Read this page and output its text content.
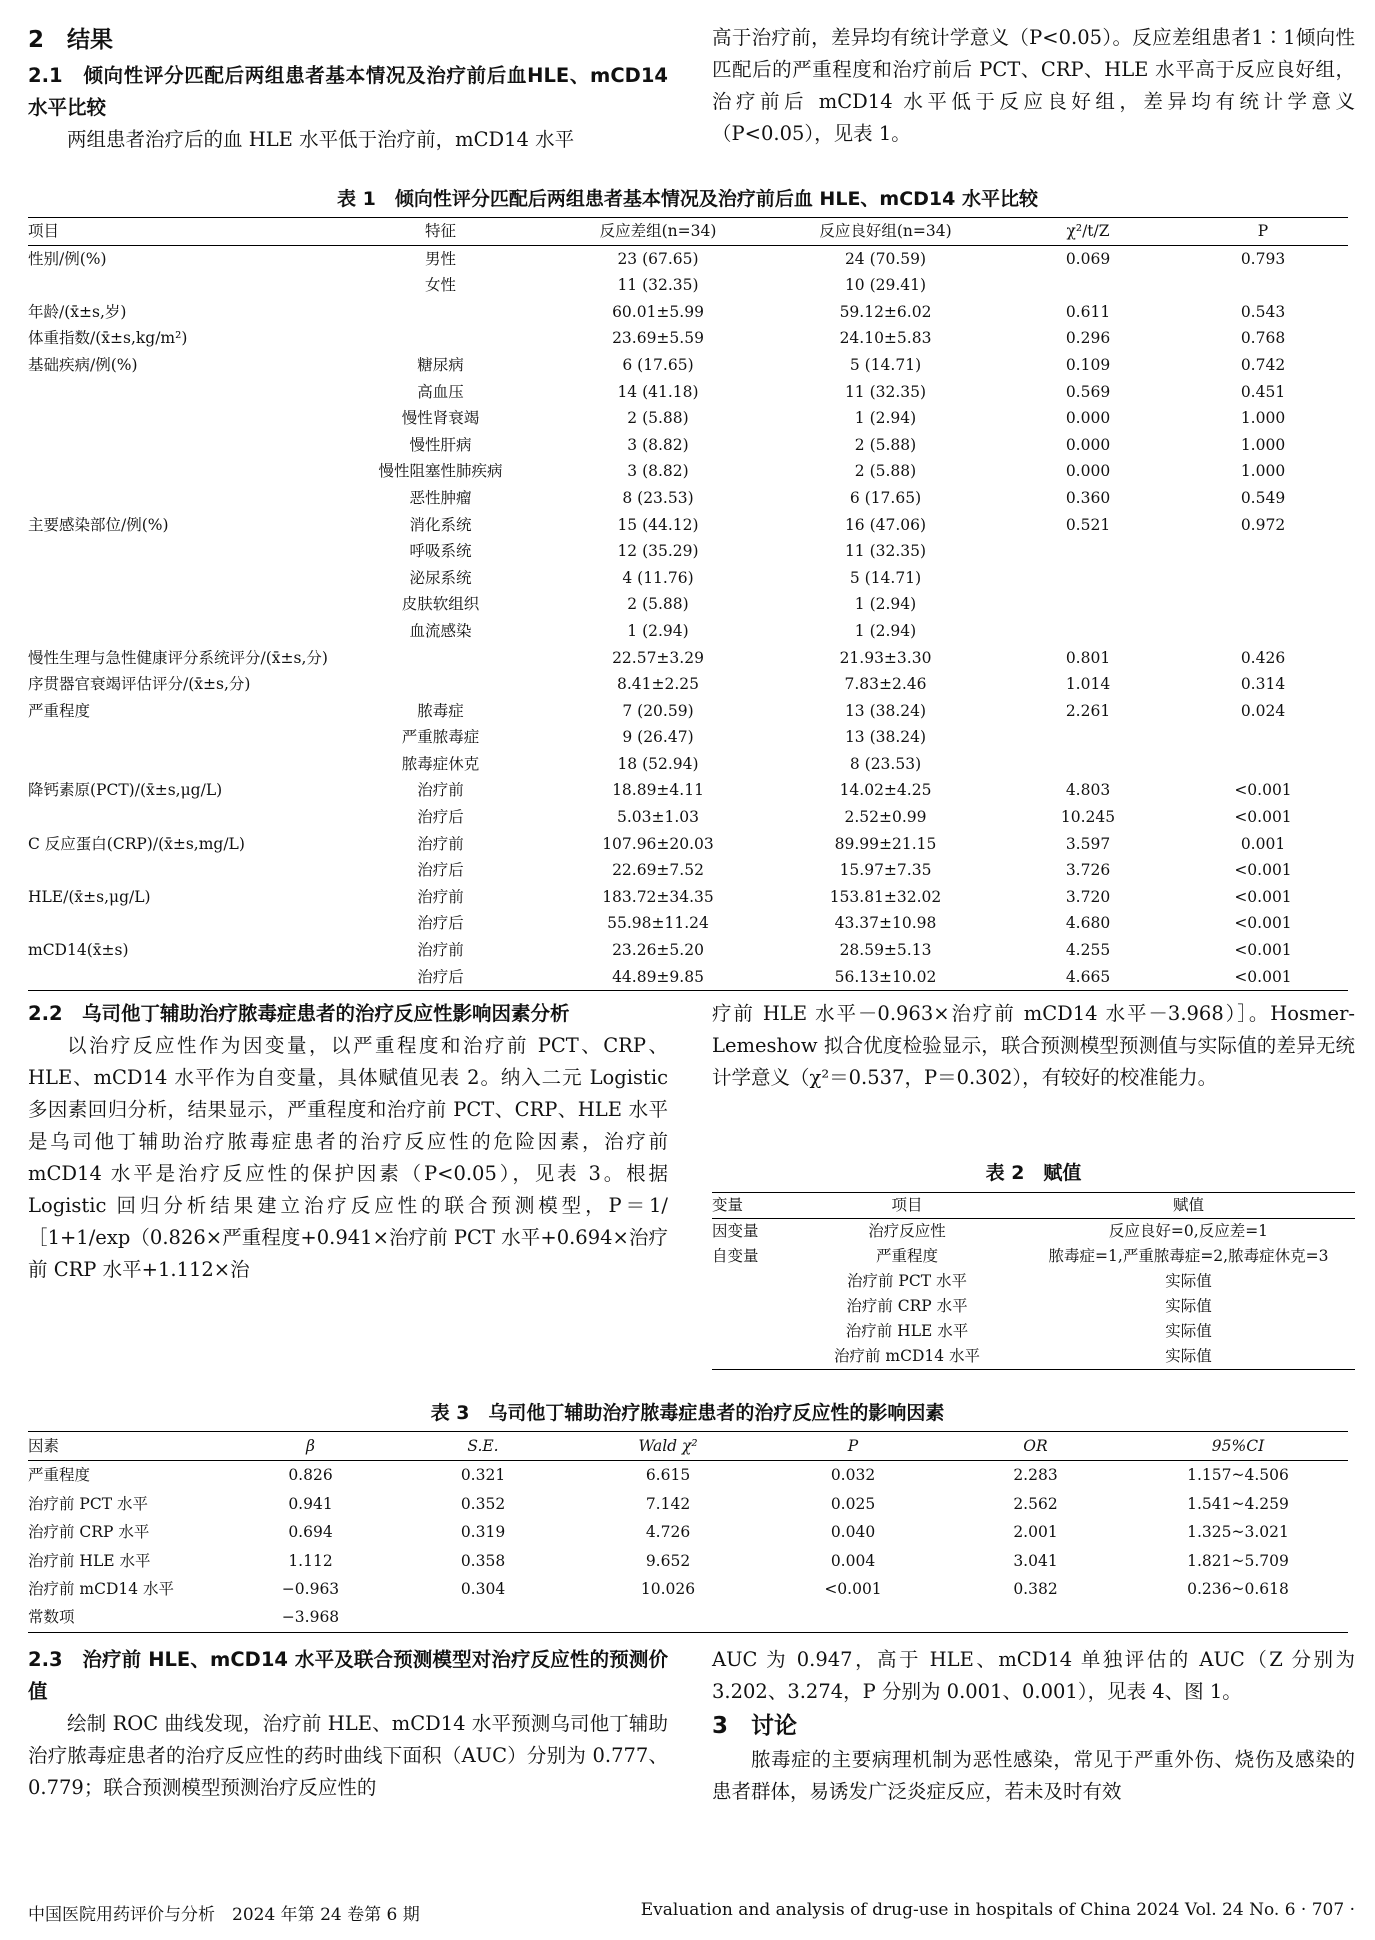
2　结果
2.1　倾向性评分匹配后两组患者基本情况及治疗前后血HLE、mCD14水平比较

两组患者治疗后的血 HLE 水平低于治疗前，mCD14 水平

高于治疗前，差异均有统计学意义（P<0.05）。反应差组患者1∶1倾向性匹配后的严重程度和治疗前后 PCT、CRP、HLE 水平高于反应良好组，治疗前后 mCD14 水平低于反应良好组，差异均有统计学意义（P<0.05），见表 1。

表 1　倾向性评分匹配后两组患者基本情况及治疗前后血 HLE、mCD14 水平比较
项目	特征	反应差组(n=34)	反应良好组(n=34)	χ²/t/Z	P
性别/例(%)	男性	23 (67.65)	24 (70.59)	0.069	0.793
	女性	11 (32.35)	10 (29.41)		
年龄/(x̄±s,岁)		60.01±5.99	59.12±6.02	0.611	0.543
体重指数/(x̄±s,kg/m²)		23.69±5.59	24.10±5.83	0.296	0.768
基础疾病/例(%)	糖尿病	6 (17.65)	5 (14.71)	0.109	0.742
	高血压	14 (41.18)	11 (32.35)	0.569	0.451
	慢性肾衰竭	2 (5.88)	1 (2.94)	0.000	1.000
	慢性肝病	3 (8.82)	2 (5.88)	0.000	1.000
	慢性阻塞性肺疾病	3 (8.82)	2 (5.88)	0.000	1.000
	恶性肿瘤	8 (23.53)	6 (17.65)	0.360	0.549
主要感染部位/例(%)	消化系统	15 (44.12)	16 (47.06)	0.521	0.972
	呼吸系统	12 (35.29)	11 (32.35)		
	泌尿系统	4 (11.76)	5 (14.71)		
	皮肤软组织	2 (5.88)	1 (2.94)		
	血流感染	1 (2.94)	1 (2.94)		
慢性生理与急性健康评分系统评分/(x̄±s,分)		22.57±3.29	21.93±3.30	0.801	0.426
序贯器官衰竭评估评分/(x̄±s,分)		8.41±2.25	7.83±2.46	1.014	0.314
严重程度	脓毒症	7 (20.59)	13 (38.24)	2.261	0.024
	严重脓毒症	9 (26.47)	13 (38.24)		
	脓毒症休克	18 (52.94)	8 (23.53)		
降钙素原(PCT)/(x̄±s,μg/L)	治疗前	18.89±4.11	14.02±4.25	4.803	<0.001
	治疗后	5.03±1.03	2.52±0.99	10.245	<0.001
C 反应蛋白(CRP)/(x̄±s,mg/L)	治疗前	107.96±20.03	89.99±21.15	3.597	0.001
	治疗后	22.69±7.52	15.97±7.35	3.726	<0.001
HLE/(x̄±s,μg/L)	治疗前	183.72±34.35	153.81±32.02	3.720	<0.001
	治疗后	55.98±11.24	43.37±10.98	4.680	<0.001
mCD14(x̄±s)	治疗前	23.26±5.20	28.59±5.13	4.255	<0.001
	治疗后	44.89±9.85	56.13±10.02	4.665	<0.001
2.2　乌司他丁辅助治疗脓毒症患者的治疗反应性影响因素分析

以治疗反应性作为因变量，以严重程度和治疗前 PCT、CRP、HLE、mCD14 水平作为自变量，具体赋值见表 2。纳入二元 Logistic 多因素回归分析，结果显示，严重程度和治疗前 PCT、CRP、HLE 水平是乌司他丁辅助治疗脓毒症患者的治疗反应性的危险因素，治疗前 mCD14 水平是治疗反应性的保护因素（P<0.05），见表 3。根据 Logistic 回归分析结果建立治疗反应性的联合预测模型，P＝1/［1+1/exp（0.826×严重程度+0.941×治疗前 PCT 水平+0.694×治疗前 CRP 水平+1.112×治

疗前 HLE 水平－0.963×治疗前 mCD14 水平－3.968）］。Hosmer-Lemeshow 拟合优度检验显示，联合预测模型预测值与实际值的差异无统计学意义（χ²＝0.537，P＝0.302），有较好的校准能力。

表 2　赋值
变量	项目	赋值
因变量	治疗反应性	反应良好=0,反应差=1
自变量	严重程度	脓毒症=1,严重脓毒症=2,脓毒症休克=3
	治疗前 PCT 水平	实际值
	治疗前 CRP 水平	实际值
	治疗前 HLE 水平	实际值
	治疗前 mCD14 水平	实际值
表 3　乌司他丁辅助治疗脓毒症患者的治疗反应性的影响因素
因素	β	S.E.	Wald χ²	P	OR	95%CI
严重程度	0.826	0.321	6.615	0.032	2.283	1.157~4.506
治疗前 PCT 水平	0.941	0.352	7.142	0.025	2.562	1.541~4.259
治疗前 CRP 水平	0.694	0.319	4.726	0.040	2.001	1.325~3.021
治疗前 HLE 水平	1.112	0.358	9.652	0.004	3.041	1.821~5.709
治疗前 mCD14 水平	−0.963	0.304	10.026	<0.001	0.382	0.236~0.618
常数项	−3.968					
2.3　治疗前 HLE、mCD14 水平及联合预测模型对治疗反应性的预测价值

绘制 ROC 曲线发现，治疗前 HLE、mCD14 水平预测乌司他丁辅助治疗脓毒症患者的治疗反应性的药时曲线下面积（AUC）分别为 0.777、0.779；联合预测模型预测治疗反应性的

AUC 为 0.947，高于 HLE、mCD14 单独评估的 AUC（Z 分别为 3.202、3.274，P 分别为 0.001、0.001），见表 4、图 1。

3　讨论

脓毒症的主要病理机制为恶性感染，常见于严重外伤、烧伤及感染的患者群体，易诱发广泛炎症反应，若未及时有效

中国医院用药评价与分析　2024 年第 24 卷第 6 期	Evaluation and analysis of drug-use in hospitals of China 2024 Vol. 24 No. 6 · 707 ·
